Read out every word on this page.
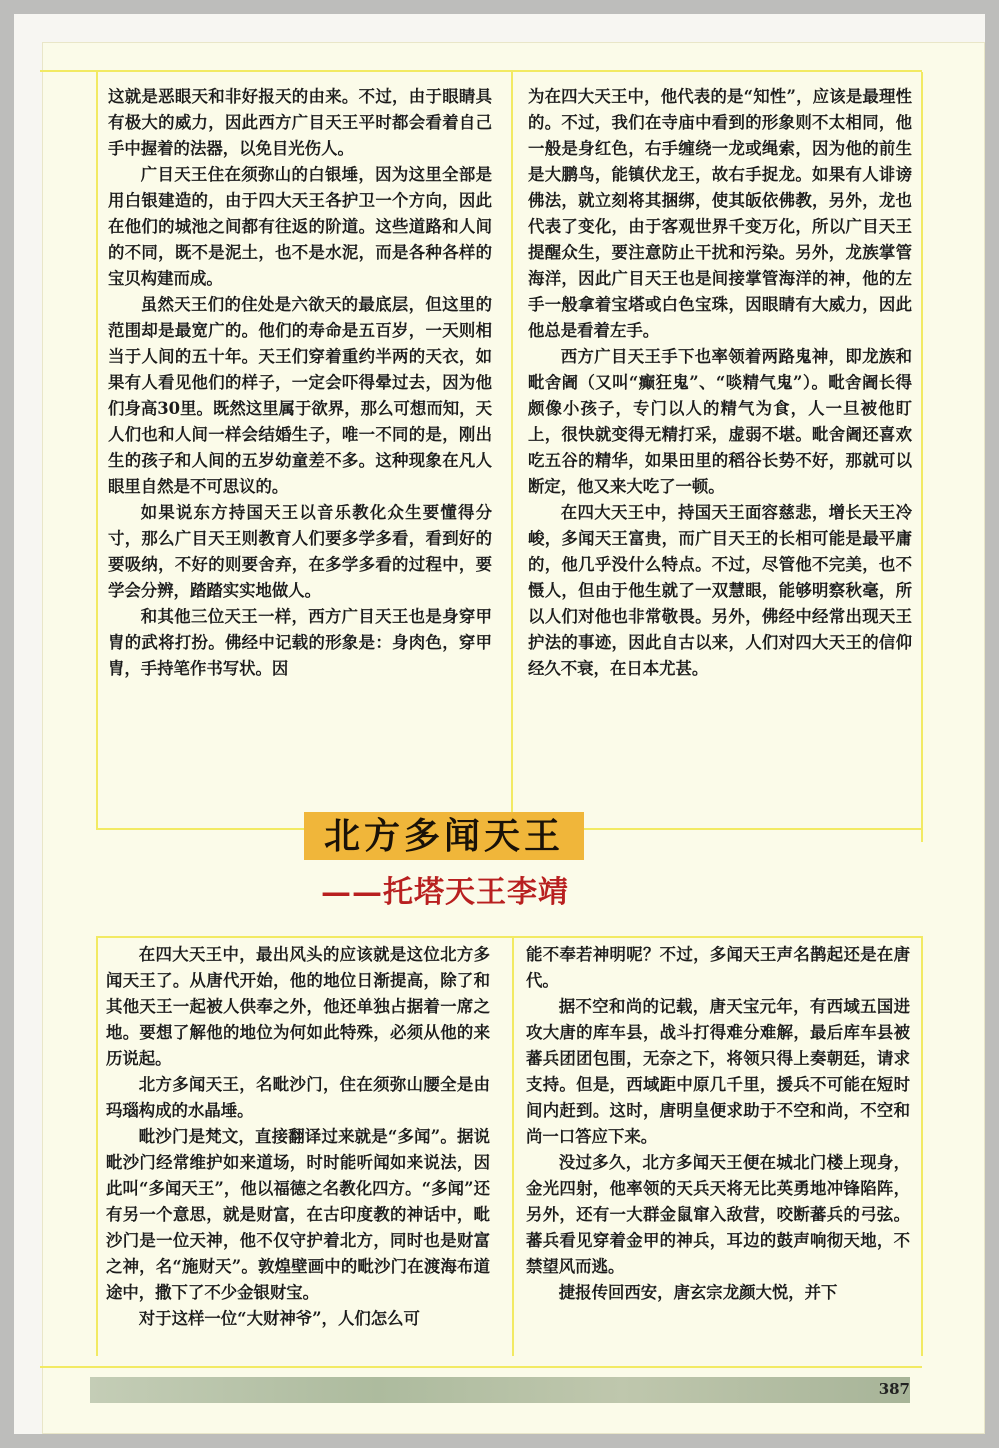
这就是恶眼天和非好报天的由来。不过，由于眼睛具有极大的威力，因此西方广目天王平时都会看着自己手中握着的法器，以免目光伤人。

广目天王住在须弥山的白银埵，因为这里全部是用白银建造的，由于四大天王各护卫一个方向，因此在他们的城池之间都有往返的阶道。这些道路和人间的不同，既不是泥土，也不是水泥，而是各种各样的宝贝构建而成。

虽然天王们的住处是六欲天的最底层，但这里的范围却是最宽广的。他们的寿命是五百岁，一天则相当于人间的五十年。天王们穿着重约半两的天衣，如果有人看见他们的样子，一定会吓得晕过去，因为他们身高30里。既然这里属于欲界，那么可想而知，天人们也和人间一样会结婚生子，唯一不同的是，刚出生的孩子和人间的五岁幼童差不多。这种现象在凡人眼里自然是不可思议的。

如果说东方持国天王以音乐教化众生要懂得分寸，那么广目天王则教育人们要多学多看，看到好的要吸纳，不好的则要舍弃，在多学多看的过程中，要学会分辨，踏踏实实地做人。

和其他三位天王一样，西方广目天王也是身穿甲胄的武将打扮。佛经中记载的形象是：身肉色，穿甲胄，手持笔作书写状。因

为在四大天王中，他代表的是“知性”，应该是最理性的。不过，我们在寺庙中看到的形象则不太相同，他一般是身红色，右手缠绕一龙或绳索，因为他的前生是大鹏鸟，能镇伏龙王，故右手捉龙。如果有人诽谤佛法，就立刻将其捆绑，使其皈依佛教，另外，龙也代表了变化，由于客观世界千变万化，所以广目天王提醒众生，要注意防止干扰和污染。另外，龙族掌管海洋，因此广目天王也是间接掌管海洋的神，他的左手一般拿着宝塔或白色宝珠，因眼睛有大威力，因此他总是看着左手。

西方广目天王手下也率领着两路鬼神，即龙族和毗舍阇（又叫“癫狂鬼”、“啖精气鬼”）。毗舍阇长得颇像小孩子，专门以人的精气为食，人一旦被他盯上，很快就变得无精打采，虚弱不堪。毗舍阇还喜欢吃五谷的精华，如果田里的稻谷长势不好，那就可以断定，他又来大吃了一顿。

在四大天王中，持国天王面容慈悲，增长天王冷峻，多闻天王富贵，而广目天王的长相可能是最平庸的，他几乎没什么特点。不过，尽管他不完美，也不慑人，但由于他生就了一双慧眼，能够明察秋毫，所以人们对他也非常敬畏。另外，佛经中经常出现天王护法的事迹，因此自古以来，人们对四大天王的信仰经久不衰，在日本尤甚。

北方多闻天王
——托塔天王李靖

在四大天王中，最出风头的应该就是这位北方多闻天王了。从唐代开始，他的地位日渐提高，除了和其他天王一起被人供奉之外，他还单独占据着一席之地。要想了解他的地位为何如此特殊，必须从他的来历说起。

北方多闻天王，名毗沙门，住在须弥山腰全是由玛瑙构成的水晶埵。

毗沙门是梵文，直接翻译过来就是“多闻”。据说毗沙门经常维护如来道场，时时能听闻如来说法，因此叫“多闻天王”，他以福德之名教化四方。“多闻”还有另一个意思，就是财富，在古印度教的神话中，毗沙门是一位天神，他不仅守护着北方，同时也是财富之神，名“施财天”。敦煌壁画中的毗沙门在渡海布道途中，撒下了不少金银财宝。

对于这样一位“大财神爷”，人们怎么可

能不奉若神明呢？不过，多闻天王声名鹊起还是在唐代。

据不空和尚的记载，唐天宝元年，有西域五国进攻大唐的库车县，战斗打得难分难解，最后库车县被蕃兵团团包围，无奈之下，将领只得上奏朝廷，请求支持。但是，西域距中原几千里，援兵不可能在短时间内赶到。这时，唐明皇便求助于不空和尚，不空和尚一口答应下来。

没过多久，北方多闻天王便在城北门楼上现身，金光四射，他率领的天兵天将无比英勇地冲锋陷阵，另外，还有一大群金鼠窜入敌营，咬断蕃兵的弓弦。蕃兵看见穿着金甲的神兵，耳边的鼓声响彻天地，不禁望风而逃。

捷报传回西安，唐玄宗龙颜大悦，并下

387
